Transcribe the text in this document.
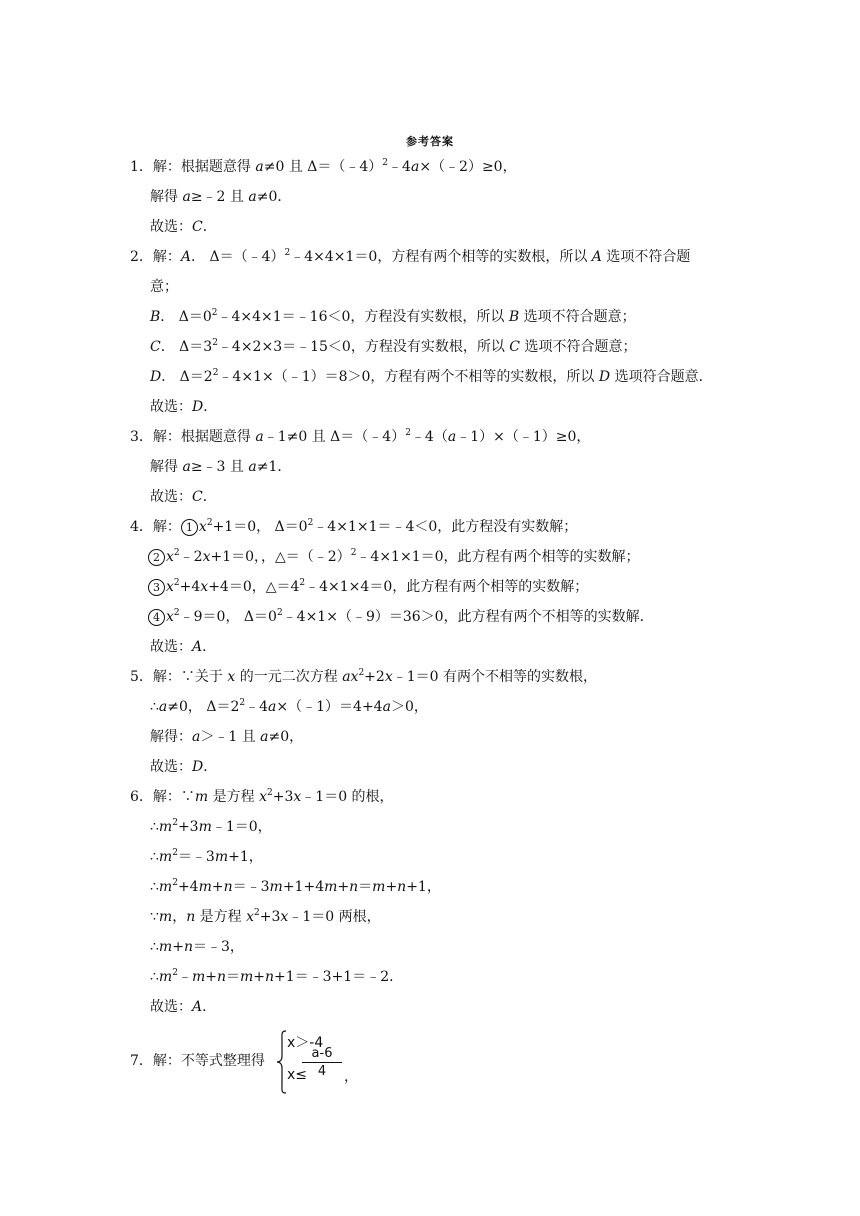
参考答案
1．解：根据题意得 a≠0 且 Δ＝（﹣4）$^2$﹣4a×（﹣2）≥0，
解得 a≥﹣2 且 a≠0．
故选：C．
2．解：A． Δ＝（﹣4）$^2$﹣4×4×1＝0，方程有两个相等的实数根，所以 A 选项不符合题
意；
B． $\Delta=0^2﹣4\times 4\times 1=﹣16<0$，方程没有实数根，所以 B 选项不符合题意；
C． $\Delta=3^2﹣4\times 2\times 3=﹣15<0$，方程没有实数根，所以 C 选项不符合题意；
D． $\Delta=2^2﹣4\times 1\times(﹣1)=8>0$，方程有两个不相等的实数根，所以 D 选项符合题意．
故选：D．
3．解：根据题意得 a﹣1≠0 且 Δ＝（﹣4）$^2$﹣4（a﹣1）×（﹣1）≥0，
解得 a≥﹣3 且 a≠1．
故选：C．
4．解： 1 $x^2+1=0$， $\Delta=0^2﹣4\times 1\times 1=﹣4<0$，此方程没有实数解；
2 $x^2﹣2x+1=0$，，△＝（﹣2）$^2$﹣4×1×1＝0，此方程有两个相等的实数解；
3 $x^2+4x+4=0$，$\triangle=4^2﹣4\times 1\times 4=0$，此方程有两个相等的实数解；
4 $x^2﹣9=0$， $\Delta=0^2﹣4\times 1\times(﹣9)=36>0$，此方程有两个不相等的实数解．
故选：A．
5．解：∵关于 x 的一元二次方程 $ax^2+2x﹣1=0$ 有两个不相等的实数根，
∴a≠0， $\Delta=2^2﹣4a\times(﹣1)=4+4a>0$，
解得：a＞﹣1 且 a≠0，
故选：D．
6．解：∵m 是方程 $x^2+3x﹣1=0$ 的根，
$\therefore m^2+3m﹣1=0$，
$\therefore m^2=﹣3m+1$，
$\therefore m^2+4m+n=﹣3m+1+4m+n=m+n+1$，
∵m，n 是方程 $x^2+3x﹣1=0$ 两根，
∴m+n＝﹣3，
$\therefore m^2﹣m+n=m+n+1=﹣3+1=﹣2$．
故选：A．
7．解：不等式整理得
x＞-4
x≤
a-6
4	，
